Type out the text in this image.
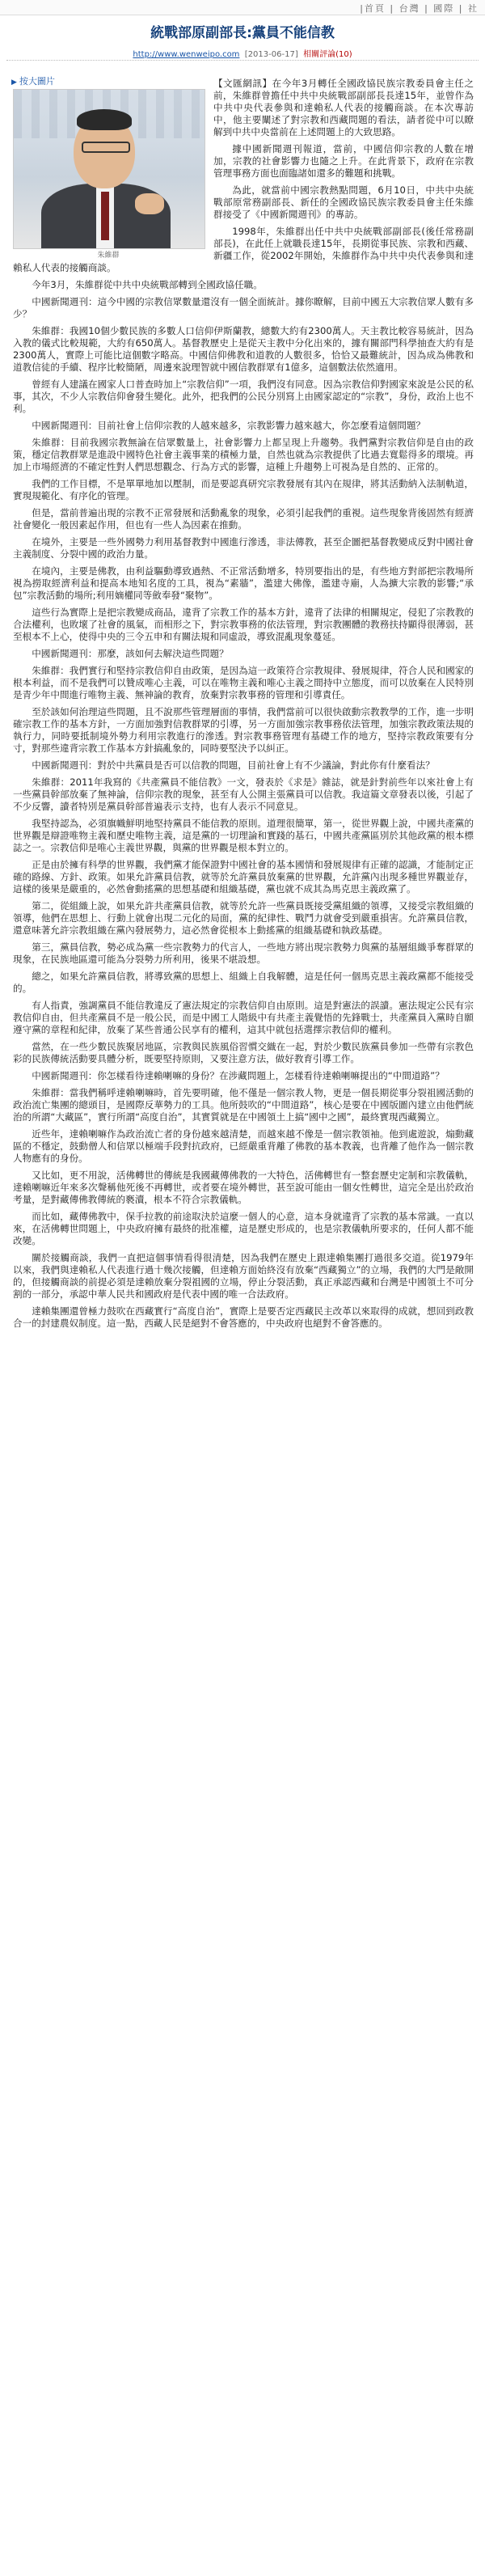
|首頁 | 台灣 | 國際 | 社
統戰部原副部長:黨員不能信教
http://www.wenweipo.com [2013-06-17] 相關評論(10)

【文匯網訊】在今年3月轉任全國政協民族宗教委員會主任之前，朱維群曾擔任中共中央統戰部副部長長達15年，並曾作為中共中央代表參與和達賴私人代表的接觸商談。在本次專訪中，他主要闡述了對宗教和西藏問題的看法，請者從中可以瞭解到中共中央當前在上述問題上的大致思路。

據中國新聞週刊報道，當前，中國信仰宗教的人數在增加，宗教的社會影響力也隨之上升。在此背景下，政府在宗教管理事務方面也面臨諸如還多的難題和挑戰。

為此，就當前中國宗教熱點問題，6月10日，中共中央統戰部原常務副部長、新任的全國政協民族宗教委員會主任朱維群接受了《中國新聞週刊》的專訪。

1998年，朱維群出任中共中央統戰部副部長(後任常務副部長)，在此任上就職長達15年，長期從事民族、宗教和西藏、新疆工作，從2002年開始，朱維群作為中共中央代表參與和達賴私人代表的接觸商談。

今年3月，朱維群從中共中央統戰部轉到全國政協任職。

中國新聞週刊：這今中國的宗教信眾數量還沒有一個全面統計。據你瞭解，目前中國五大宗教信眾人數有多少？

朱維群：我國10個少數民族的多數人口信仰伊斯蘭教，總數大約有2300萬人。天主教比較容易統計，因為入教的儀式比較規範，大約有650萬人。基督教歷史上是從天主教中分化出來的，據有關部門科學抽查大約有是2300萬人，實際上可能比這個數字略高。中國信仰佛教和道教的人數很多，恰恰又最難統計，因為成為佛教和道教信徒的手續、程序比較簡陋，周邊來說理智就中國信教群眾有1億多，這個數法依然適用。

曾經有人建議在國家人口普查時加上“宗教信仰”一項，我們沒有同意。因為宗教信仰對國家來說是公民的私事，其次，不少人宗教信仰會發生變化。此外，把我們的公民分別寫上由國家認定的“宗教”，身份，政治上也不利。

中國新聞週刊：目前社會上信仰宗教的人越來越多，宗教影響力越來越大，你怎麼看這個問題？

朱維群：目前我國宗教無論在信眾數量上，社會影響力上都呈現上升趨勢。我們黨對宗教信仰是自由的政策，穩定信教群眾是進設中國特色社會主義事業的積極力量，自然也就為宗教提供了比過去寬鬆得多的環境。再加上市場經濟的不確定性對人們思想觀念、行為方式的影響，這種上升趨勢上可視為是自然的、正常的。

我們的工作目標，不是單單地加以壓制，而是要認真研究宗教發展有其內在規律，將其活動納入法制軌道，實現規範化、有序化的管理。

但是，當前普遍出現的宗教不正常發展和活動亂象的現象，必須引起我們的重視。這些現象背後固然有經濟社會變化一般因素起作用，但也有一些人為因素在推動。

在境外，主要是一些外國勢力利用基督教對中國進行滲透，非法傳教，甚至企圖把基督教變成反對中國社會主義制度、分裂中國的政治力量。

在境內，主要是佛教，由利益驅動導致過熱、不正常活動增多，特別要指出的是，有些地方對部把宗教場所視為撈取經濟利益和提高本地知名度的工具，視為“素牆”，濫建大佛像，濫建寺廟，人為擴大宗教的影響;“承包”宗教活動的場所;利用嫡權同等斂奉發“聚物”。

這些行為實際上是把宗教變成商品，違背了宗教工作的基本方針，違背了法律的相關規定，侵犯了宗教教的合法權利，也敗壞了社會的風氣，而相形之下，對宗教事務的依法管理，對宗教團體的教務扶持顯得很薄弱，甚至根本不上心，使得中央的三令五申和有關法規和同虛設，導致混亂現象蔓延。

中國新聞週刊：那麼，該如何去解決這些問題？

朱維群：我們實行和堅持宗教信仰自由政策，是因為這一政策符合宗教規律、發展規律，符合人民和國家的根本利益，而不是我們可以贊成唯心主義，可以在唯物主義和唯心主義之間持中立態度，而可以放棄在人民特別是青少年中間進行唯物主義、無神論的教育，放棄對宗教事務的管理和引導責任。

至於該如何治理這些問題，且不說那些管理層面的事情，我們當前可以很快啟動宗教教學的工作，進一步明確宗教工作的基本方針，一方面加強對信教群眾的引導，另一方面加強宗教事務依法管理，加強宗教政策法規的執行力，同時要抵制境外勢力利用宗教進行的滲透。對宗教事務管理有基礎工作的地方，堅持宗教政策要有分寸，對那些違背宗教工作基本方針搞亂象的，同時要堅決予以糾正。

中國新聞週刊：對於中共黨員是否可以信教的問題，目前社會上有不少議論，對此你有什麼看法？

朱維群：2011年我寫的《共產黨員不能信教》一文，發表於《求是》雜誌，就是針對前些年以來社會上有一些黨員幹部放棄了無神論，信仰宗教的現象，甚至有人公開主張黨員可以信教。我這篇文章發表以後，引起了不少反響，讀者特別是黨員幹部普遍表示支持，也有人表示不同意見。

我堅持認為，必須旗幟鮮明地堅持黨員不能信教的原則。道理很簡單，第一，從世界觀上說，中國共產黨的世界觀是辯證唯物主義和歷史唯物主義，這是黨的一切理論和實踐的基石，中國共產黨區別於其他政黨的根本標誌之一。宗教信仰是唯心主義世界觀，與黨的世界觀是根本對立的。

正是由於擁有科學的世界觀，我們黨才能保證對中國社會的基本國情和發展規律有正確的認識，才能制定正確的路線、方針、政策。如果允許黨員信教，就等於允許黨員放棄黨的世界觀，允許黨內出現多種世界觀並存，這樣的後果是嚴重的，必然會動搖黨的思想基礎和組織基礎，黨也就不成其為馬克思主義政黨了。

第二，從組織上說，如果允許共產黨員信教，就等於允許一些黨員既接受黨組織的領導，又接受宗教組織的領導，他們在思想上、行動上就會出現二元化的局面，黨的紀律性、戰鬥力就會受到嚴重損害。允許黨員信教，還意味著允許宗教組織在黨內發展勢力，這必然會從根本上動搖黨的組織基礎和執政基礎。

第三，黨員信教，勢必成為黨一些宗教勢力的代言人，一些地方將出現宗教勢力與黨的基層組織爭奪群眾的現象，在民族地區還可能為分裂勢力所利用，後果不堪設想。

總之，如果允許黨員信教，將導致黨的思想上、組織上自我解體，這是任何一個馬克思主義政黨都不能接受的。

有人指責，強調黨員不能信教違反了憲法規定的宗教信仰自由原則。這是對憲法的誤讀。憲法規定公民有宗教信仰自由，但共產黨員不是一般公民，而是中國工人階級中有共產主義覺悟的先鋒戰士，共產黨員入黨時自願遵守黨的章程和紀律，放棄了某些普通公民享有的權利，這其中就包括選擇宗教信仰的權利。

當然，在一些少數民族聚居地區，宗教與民族風俗習慣交織在一起，對於少數民族黨員參加一些帶有宗教色彩的民族傳統活動要具體分析，既要堅持原則，又要注意方法，做好教育引導工作。

中國新聞週刊：你怎樣看待達賴喇嘛的身份？在涉藏問題上，怎樣看待達賴喇嘛提出的“中間道路”？

朱維群：當我們稱呼達賴喇嘛時，首先要明確，他不僅是一個宗教人物，更是一個長期從事分裂祖國活動的政治流亡集團的總頭目，是國際反華勢力的工具。他所鼓吹的“中間道路”，核心是要在中國版圖內建立由他們統治的所謂“大藏區”，實行所謂“高度自治”，其實質就是在中國領土上搞“國中之國”，最終實現西藏獨立。

近些年，達賴喇嘛作為政治流亡者的身份越來越清楚，而越來越不像是一個宗教領袖。他到處遊說，煽動藏區的不穩定，鼓動僧人和信眾以極端手段對抗政府，已經嚴重背離了佛教的基本教義，也背離了他作為一個宗教人物應有的身份。

又比如，更不用說，活佛轉世的傳統是我國藏傳佛教的一大特色，活佛轉世有一整套歷史定制和宗教儀軌，達賴喇嘛近年來多次聲稱他死後不再轉世，或者要在境外轉世，甚至說可能由一個女性轉世，這完全是出於政治考量，是對藏傳佛教傳統的褻瀆，根本不符合宗教儀軌。

而比如，藏傳佛教中，保手拉教的前途取決於這麼一個人的心意，這本身就違背了宗教的基本常識。一直以來，在活佛轉世問題上，中央政府擁有最終的批准權，這是歷史形成的，也是宗教儀軌所要求的，任何人都不能改變。

關於接觸商談，我們一直把這個事情看得很清楚，因為我們在歷史上跟達賴集團打過很多交道。從1979年以來，我們與達賴私人代表進行過十幾次接觸，但達賴方面始終沒有放棄“西藏獨立”的立場，我們的大門是敞開的，但接觸商談的前提必須是達賴放棄分裂祖國的立場，停止分裂活動，真正承認西藏和台灣是中國領土不可分割的一部分，承認中華人民共和國政府是代表中國的唯一合法政府。

達賴集團還曾極力鼓吹在西藏實行“高度自治”，實際上是要否定西藏民主改革以來取得的成就，想回到政教合一的封建農奴制度。這一點，西藏人民是絕對不會答應的，中央政府也絕對不會答應的。

▶ 按大圖片
朱維群
